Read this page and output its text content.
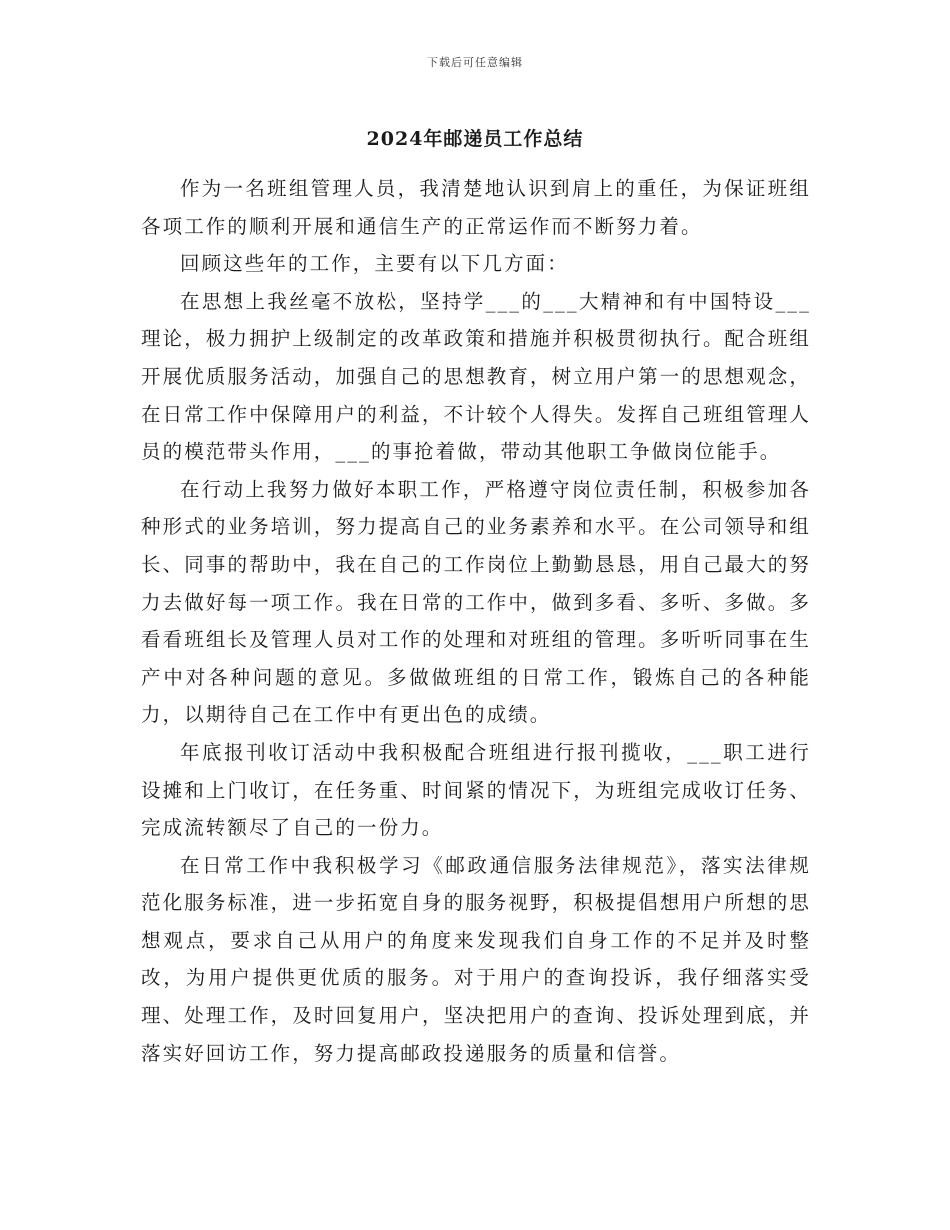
下载后可任意编辑
2024年邮递员工作总结

作为一名班组管理人员，我清楚地认识到肩上的重任，为保证班组各项工作的顺利开展和通信生产的正常运作而不断努力着。

回顾这些年的工作，主要有以下几方面：

在思想上我丝毫不放松，坚持学___的___大精神和有中国特设___理论，极力拥护上级制定的改革政策和措施并积极贯彻执行。配合班组开展优质服务活动，加强自己的思想教育，树立用户第一的思想观念，在日常工作中保障用户的利益，不计较个人得失。发挥自己班组管理人员的模范带头作用，___的事抢着做，带动其他职工争做岗位能手。

在行动上我努力做好本职工作，严格遵守岗位责任制，积极参加各种形式的业务培训，努力提高自己的业务素养和水平。在公司领导和组长、同事的帮助中，我在自己的工作岗位上勤勤恳恳，用自己最大的努力去做好每一项工作。我在日常的工作中，做到多看、多听、多做。多看看班组长及管理人员对工作的处理和对班组的管理。多听听同事在生产中对各种问题的意见。多做做班组的日常工作，锻炼自己的各种能力，以期待自己在工作中有更出色的成绩。

年底报刊收订活动中我积极配合班组进行报刊揽收，___职工进行设摊和上门收订，在任务重、时间紧的情况下，为班组完成收订任务、完成流转额尽了自己的一份力。

在日常工作中我积极学习《邮政通信服务法律规范》，落实法律规范化服务标准，进一步拓宽自身的服务视野，积极提倡想用户所想的思想观点，要求自己从用户的角度来发现我们自身工作的不足并及时整改，为用户提供更优质的服务。对于用户的查询投诉，我仔细落实受理、处理工作，及时回复用户，坚决把用户的查询、投诉处理到底，并落实好回访工作，努力提高邮政投递服务的质量和信誉。
